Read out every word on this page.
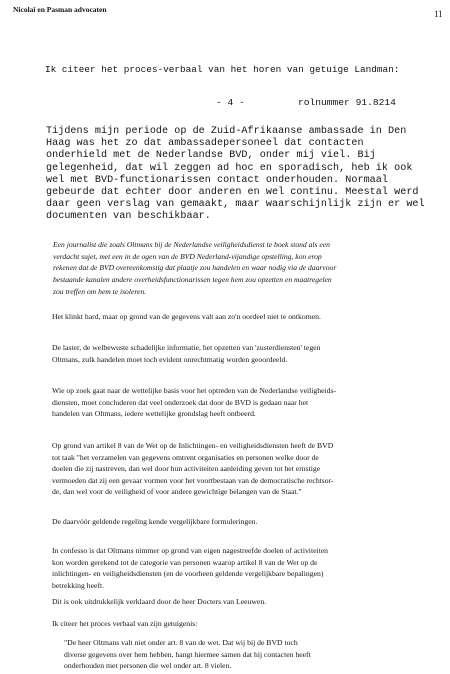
Nicolaï en Pasman advocaten	11
Ik citeer het proces-verbaal van het horen van getuige Landman:
- 4 -	rolnummer 91.8214
Tijdens mijn periode op de Zuid-Afrikaanse ambassade in Den
Haag was het zo dat ambassadepersoneel dat contacten
onderhield met de Nederlandse BVD, onder mij viel. Bij
gelegenheid, dat wil zeggen ad hoc en sporadisch, heb ik ook
wel met BVD-functionarissen contact onderhouden. Normaal
gebeurde dat echter door anderen en wel continu. Meestal werd
daar geen verslag van gemaakt, maar waarschijnlijk zijn er wel
documenten van beschikbaar.
Een journalist die zoals Oltmans bij de Nederlandse veiligheidsdienst te boek stond als een
verdacht sujet, met een in de ogen van de BVD Nederland-vijandige opstelling, kon erop
rekenen dat de BVD overeenkomstig dat plaatje zou handelen en waar nodig via de daarvoor
bestaande kanalen andere overheidsfunctionarissen tegen hem zou opzetten en maatregelen
zou treffen om hem te isoleren.
Het klinkt hard, maar op grond van de gegevens valt aan zo'n oordeel niet te ontkomen.
De laster, de welbewuste schadelijke informatie, het opzetten van 'zusterdiensten' tegen
Oltmans, zulk handelen moet toch evident onrechtmatig worden geoordeeld.
Wie op zoek gaat naar de wettelijke basis voor het optreden van de Nederlandse veiligheids-
diensten, moet concluderen dat veel onderzoek dat door de BVD is gedaan naar het
handelen van Oltmans, iedere wettelijke grondslag heeft ontbeerd.
Op grond van artikel 8 van de Wet op de Inlichtingen- en veiligheidsdiensten heeft de BVD
tot taak "het verzamelen van gegevens omtrent organisaties en personen welke door de
doelen die zij nastreven, dan wel door hun activiteiten aanleiding geven tot het ernstige
vermoeden dat zij een gevaar vormen voor het voortbestaan van de democratische rechtsor-
de, dan wel voor de veiligheid of voor andere gewichtige belangen van de Staat."
De daarvóór geldende regeling kende vergelijkbare formuleringen.
In confesso is dat Oltmans nimmer op grond van eigen nagestreefde doelen of activiteiten
kon worden gerekend tot de categorie van personen waarop artikel 8 van de Wet op de
inlichtingen- en veiligheidsdiensten (en de voorheen geldende vergelijkbare bepalingen)
betrekking heeft.
Dit is ook uitdrukkelijk verklaard door de heer Docters van Leeuwen.
Ik citeer het proces verbaal van zijn getuigenis:
"De heer Oltmans valt niet onder art. 8 van de wet. Dat wij bij de BVD toch
diverse gegevens over hem hebben, hangt hiermee samen dat hij contacten heeft
onderhouden met personen die wel onder art. 8 vielen.
